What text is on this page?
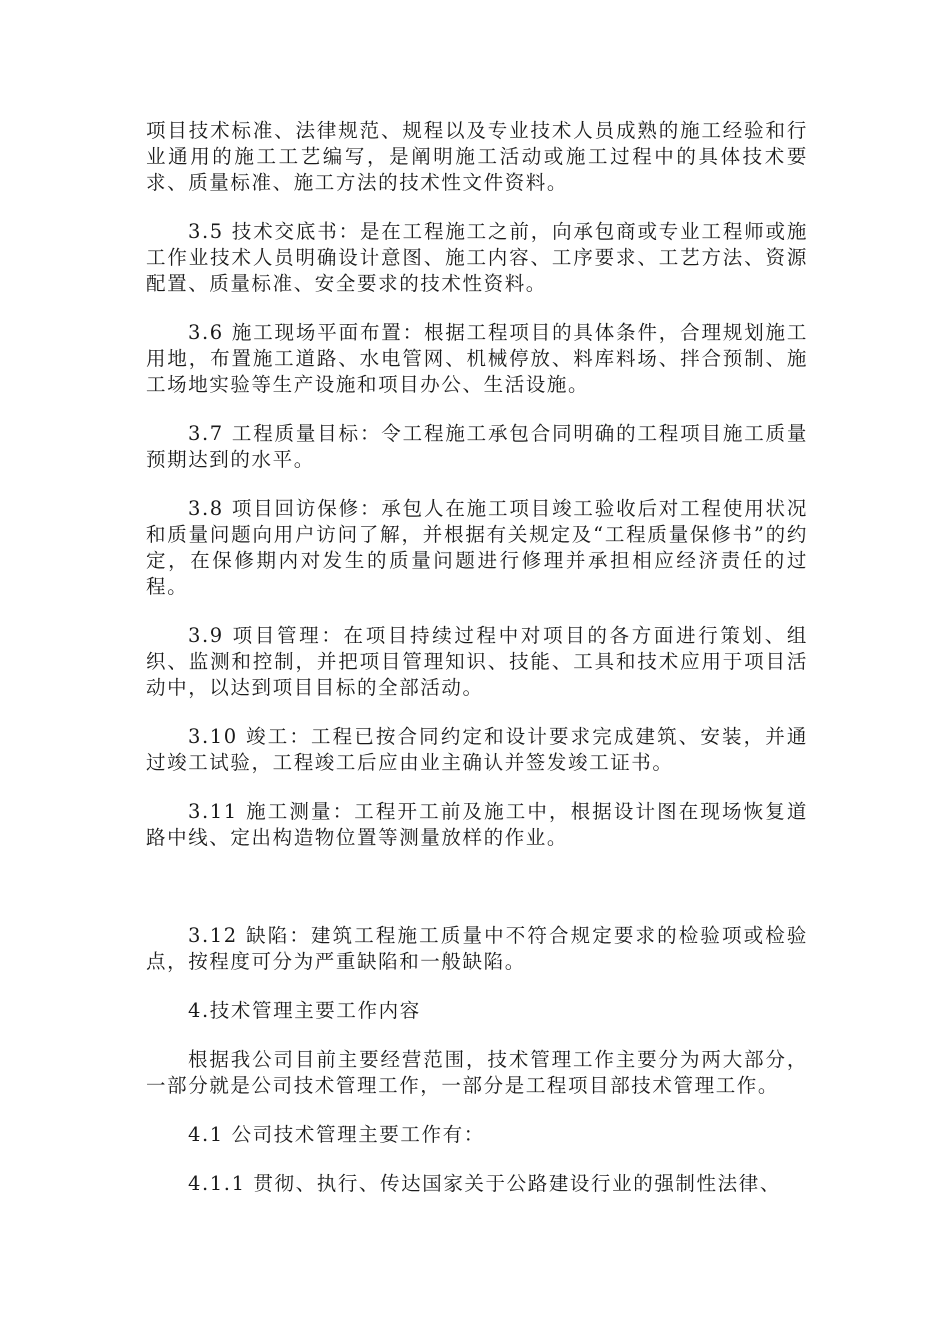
项目技术标准、法律规范、规程以及专业技术人员成熟的施工经验和行业通用的施工工艺编写，是阐明施工活动或施工过程中的具体技术要求、质量标准、施工方法的技术性文件资料。

3.5 技术交底书：是在工程施工之前，向承包商或专业工程师或施工作业技术人员明确设计意图、施工内容、工序要求、工艺方法、资源配置、质量标准、安全要求的技术性资料。

3.6 施工现场平面布置：根据工程项目的具体条件，合理规划施工用地，布置施工道路、水电管网、机械停放、料库料场、拌合预制、施工场地实验等生产设施和项目办公、生活设施。

3.7 工程质量目标：令工程施工承包合同明确的工程项目施工质量预期达到的水平。

3.8 项目回访保修：承包人在施工项目竣工验收后对工程使用状况和质量问题向用户访问了解，并根据有关规定及“工程质量保修书”的约定，在保修期内对发生的质量问题进行修理并承担相应经济责任的过程。

3.9 项目管理：在项目持续过程中对项目的各方面进行策划、组织、监测和控制，并把项目管理知识、技能、工具和技术应用于项目活动中，以达到项目目标的全部活动。

3.10 竣工：工程已按合同约定和设计要求完成建筑、安装，并通过竣工试验，工程竣工后应由业主确认并签发竣工证书。

3.11 施工测量：工程开工前及施工中，根据设计图在现场恢复道路中线、定出构造物位置等测量放样的作业。

3.12 缺陷：建筑工程施工质量中不符合规定要求的检验项或检验点，按程度可分为严重缺陷和一般缺陷。

4.技术管理主要工作内容

根据我公司目前主要经营范围，技术管理工作主要分为两大部分，一部分就是公司技术管理工作，一部分是工程项目部技术管理工作。

4.1 公司技术管理主要工作有：

4.1.1 贯彻、执行、传达国家关于公路建设行业的强制性法律、
